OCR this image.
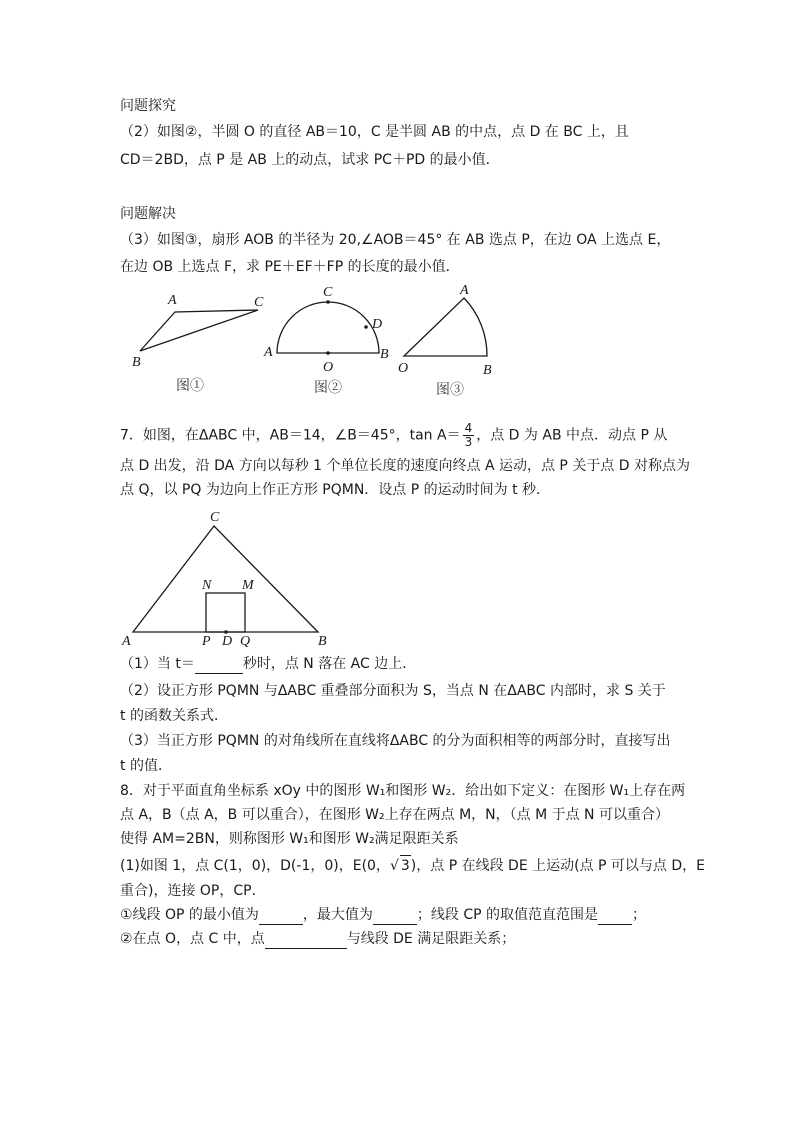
问题探究
（2）如图②，半圆 O 的直径 AB＝10，C 是半圆 AB 的中点，点 D 在 BC 上，且
CD＝2BD，点 P 是 AB 上的动点，试求 PC＋PD 的最小值．
问题解决
（3）如图③，扇形 AOB 的半径为 20,∠AOB＝45° 在 AB 选点 P，在边 OA 上选点 E，
在边 OB 上选点 F，求 PE＋EF＋FP 的长度的最小值．
A	C
B
图①
C
D
A
O
B
图②
A
O	B
图③
7．如图，在ΔABC 中，AB＝14，∠B＝45°，$\tan A= \frac{4}{3}$ ，点 D 为 AB 中点．动点 P 从
点 D 出发，沿 DA 方向以每秒 1 个单位长度的速度向终点 A 运动，点 P 关于点 D 对称点为
点 Q，以 PQ 为边向上作正方形 PQMN．设点 P 的运动时间为 t 秒．
C
N M
A	P D Q	B
（1）当 t＝	秒时，点 N 落在 AC 边上．
（2）设正方形 PQMN 与ΔABC 重叠部分面积为 S，当点 N 在ΔABC 内部时，求 S 关于
t 的函数关系式．
（3）当正方形 PQMN 的对角线所在直线将ΔABC 的分为面积相等的两部分时，直接写出
t 的值．
8．对于平面直角坐标系 xOy 中的图形 W₁和图形 W₂．给出如下定义：在图形 W₁上存在两
点 A，B（点 A，B 可以重合），在图形 W₂上存在两点 M，N，（点 M 于点 N 可以重合）
使得 AM=2BN，则称图形 W₁和图形 W₂满足限距关系
(1)如图 1，点 C(1，0)，D(-1，0)，E(0，√ 3)，点 P 在线段 DE 上运动(点 P 可以与点 D，E
重合)，连接 OP，CP．
①线段 OP 的最小值为	，最大值为	；线段 CP 的取值范直范围是 ；
②在点 O，点 C 中，点	与线段 DE 满足限距关系；
